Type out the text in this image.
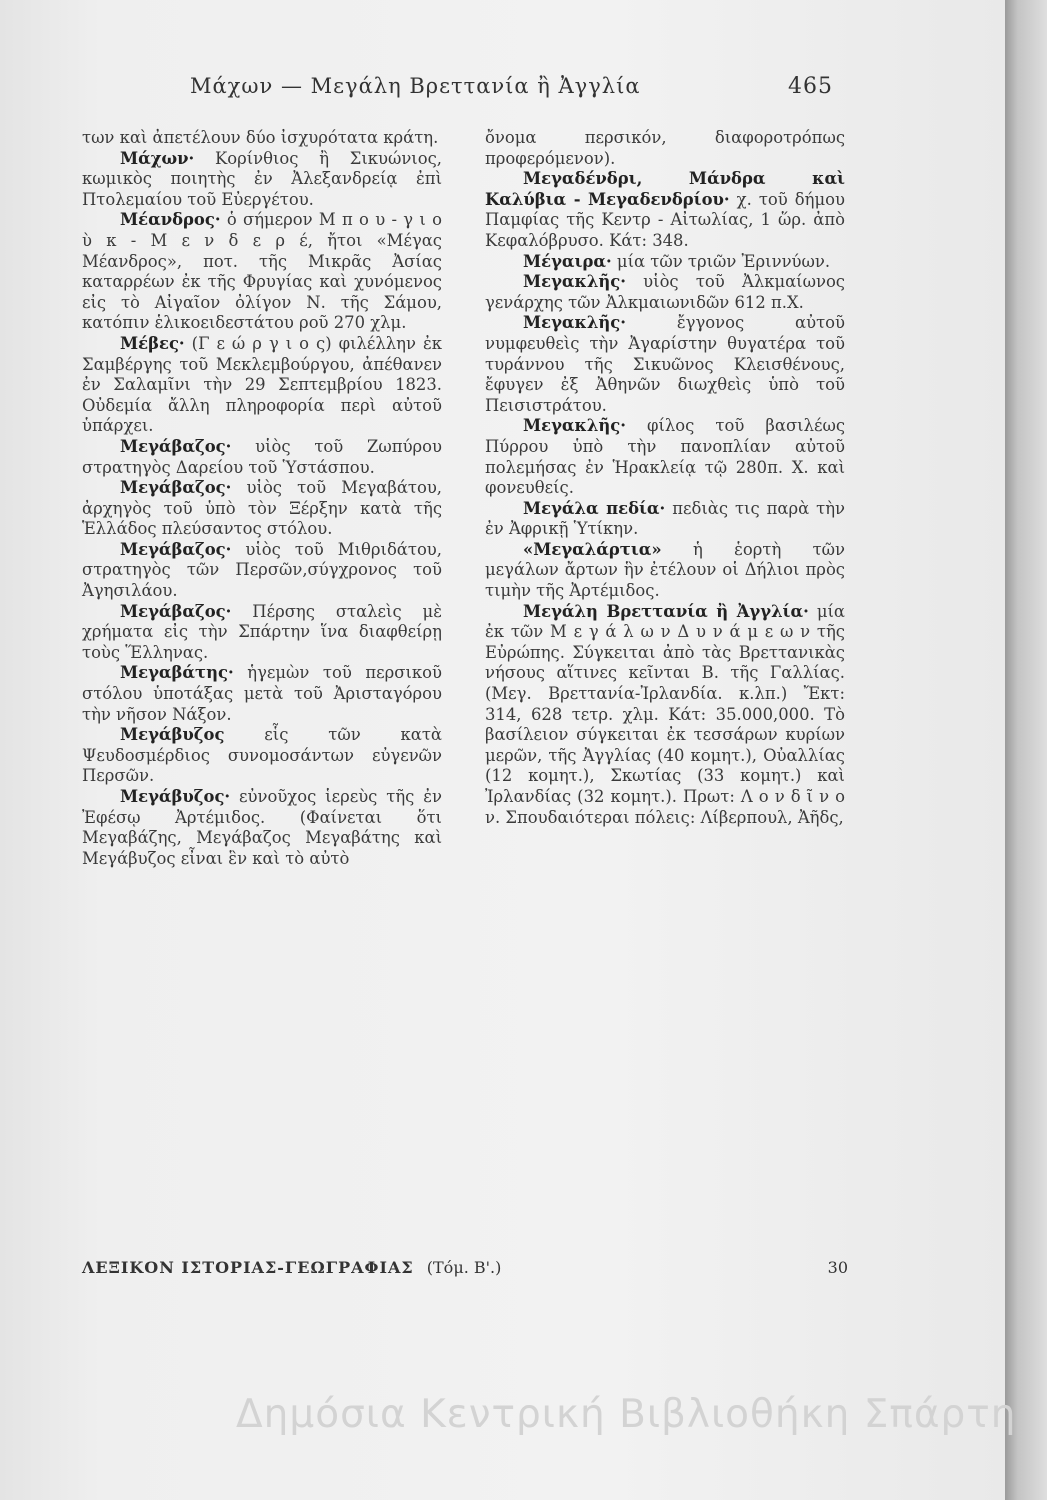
Μάχων — Μεγάλη Βρεττανία ἢ Ἀγγλία	465

των καὶ ἀπετέλουν δύο ἰσχυρότατα κράτη.

Μάχων· Κορίνθιος ἢ Σικυώνιος, κωμικὸς ποιητὴς ἐν Ἀλεξανδρείᾳ ἐπὶ Πτολεμαίου τοῦ Εὐεργέτου.

Μέανδρος· ὁ σήμερον Μ π ο υ - γ ι ο ὺ κ - Μ ε ν δ ε ρ έ, ἤτοι «Μέγας Μέανδρος», ποτ. τῆς Μικρᾶς Ἀσίας καταρρέων ἐκ τῆς Φρυγίας καὶ χυνόμενος εἰς τὸ Αἰγαῖον ὀλίγον Ν. τῆς Σάμου, κατόπιν ἑλικοειδεστάτου ροῦ 270 χλμ.

Μέβες· (Γ ε ώ ρ γ ι ο ς) φιλέλλην ἐκ Σαμβέργης τοῦ Μεκλεμβούργου, ἀπέθανεν ἐν Σαλαμῖνι τὴν 29 Σεπτεμβρίου 1823. Οὐδεμία ἄλλη πληροφορία περὶ αὐτοῦ ὑπάρχει.

Μεγάβαζος· υἱὸς τοῦ Ζωπύρου στρατηγὸς Δαρείου τοῦ Ὑστάσπου.

Μεγάβαζος· υἱὸς τοῦ Μεγαβάτου, ἀρχηγὸς τοῦ ὑπὸ τὸν Ξέρξην κατὰ τῆς Ἑλλάδος πλεύσαντος στόλου.

Μεγάβαζος· υἱὸς τοῦ Μιθριδάτου, στρατηγὸς τῶν Περσῶν,σύγχρονος τοῦ Ἀγησιλάου.

Μεγάβαζος· Πέρσης σταλεὶς μὲ χρήματα εἰς τὴν Σπάρτην ἵνα διαφθείρῃ τοὺς Ἕλληνας.

Μεγαβάτης· ἡγεμὼν τοῦ περσικοῦ στόλου ὑποτάξας μετὰ τοῦ Ἀρισταγόρου τὴν νῆσον Νάξον.

Μεγάβυζος εἷς τῶν κατὰ Ψευδοσμέρδιος συνομοσάντων εὐγενῶν Περσῶν.

Μεγάβυζος· εὐνοῦχος ἱερεὺς τῆς ἐν Ἐφέσῳ Ἀρτέμιδος. (Φαίνεται ὅτι Μεγαβάζης, Μεγάβαζος Μεγαβάτης καὶ Μεγάβυζος εἶναι ἓν καὶ τὸ αὐτὸ

ὄνομα περσικόν, διαφοροτρόπως προφερόμενον).

Μεγαδένδρι, Μάνδρα καὶ Καλύβια - Μεγαδενδρίου· χ. τοῦ δήμου Παμφίας τῆς Κεντρ - Αἰτωλίας, 1 ὥρ. ἀπὸ Κεφαλόβρυσο. Κάτ: 348.

Μέγαιρα· μία τῶν τριῶν Ἐριννύων.

Μεγακλῆς· υἱὸς τοῦ Ἀλκμαίωνος γενάρχης τῶν Ἀλκμαιωνιδῶν 612 π.Χ.

Μεγακλῆς·	ἔγγονος αὐτοῦ νυμφευθεὶς τὴν Ἀγαρίστην θυγατέρα τοῦ τυράννου τῆς Σικυῶνος Κλεισθένους, ἔφυγεν ἐξ Ἀθηνῶν διωχθεὶς ὑπὸ τοῦ Πεισιστράτου.

Μεγακλῆς· φίλος τοῦ βασιλέως Πύρρου ὑπὸ τὴν πανοπλίαν αὐτοῦ πολεμήσας ἐν Ἡρακλείᾳ τῷ 280π. Χ. καὶ φονευθείς.

Μεγάλα πεδία· πεδιὰς τις παρὰ τὴν ἐν Ἀφρικῇ Ὑτίκην.

«Μεγαλάρτια» ἡ ἑορτὴ τῶν μεγάλων ἄρτων ἣν ἐτέλουν οἱ Δήλιοι πρὸς τιμὴν τῆς Ἀρτέμιδος.

Μεγάλη Βρεττανία ἢ Ἀγγλία· μία ἐκ τῶν Μ ε γ ά λ ω ν Δ υ ν ά μ ε ω ν τῆς Εὐρώπης. Σύγκειται ἀπὸ τὰς Βρεττανικὰς νήσους αἵτινες κεῖνται Β. τῆς Γαλλίας. (Μεγ. Βρεττανία-Ἰρλανδία. κ.λπ.) Ἔκτ: 314, 628 τετρ. χλμ. Κάτ: 35.000,000. Τὸ βασίλειον σύγκειται ἐκ τεσσάρων κυρίων μερῶν, τῆς Ἀγγλίας (40 κομητ.), Οὐαλλίας (12 κομητ.), Σκωτίας (33 κομητ.) καὶ Ἰρλανδίας (32 κομητ.). Πρωτ: Λ ο ν δ ῖ ν ο ν. Σπουδαιότεραι πόλεις: Λίβερπουλ, Ἀῆδς,

ΛΕΞΙΚΟΝ ΙΣΤΟΡΙΑΣ-ΓΕΩΓΡΑΦΙΑΣ (Τόμ. Β'.)	30
Δημόσια Κεντρική Βιβλιοθήκη Σπάρτη
